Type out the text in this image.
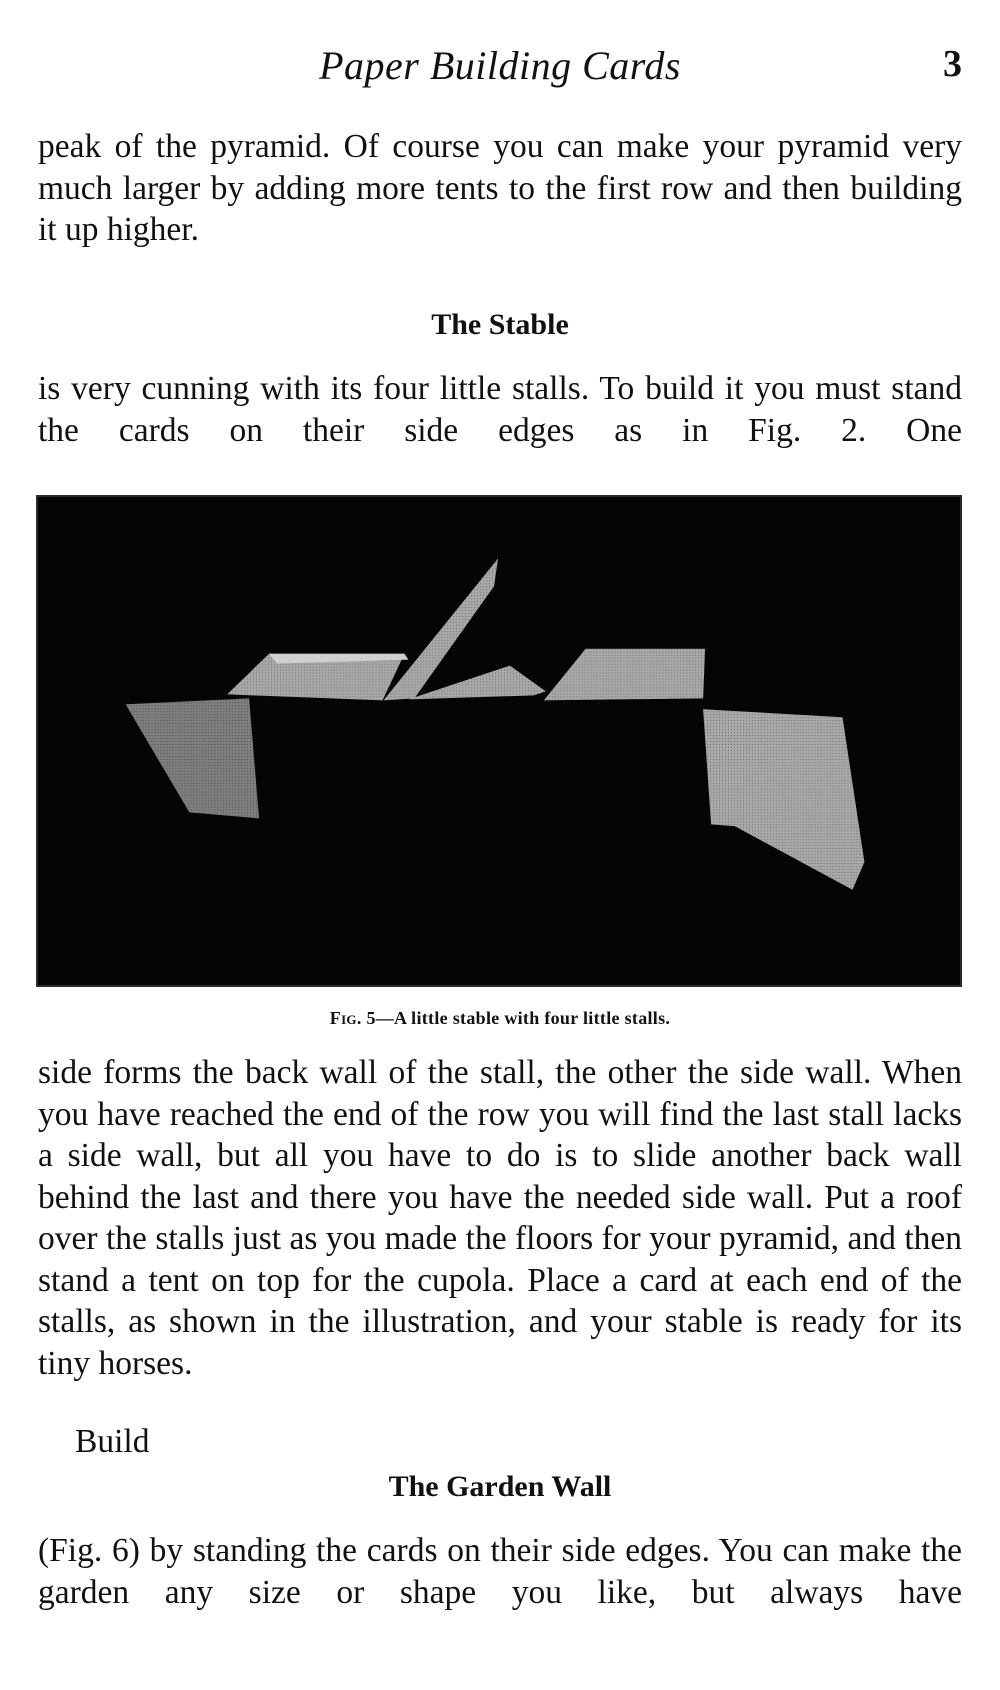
Paper Building Cards	3

peak of the pyramid. Of course you can make your pyramid very much larger by adding more tents to the first row and then building it up higher.

The Stable

is very cunning with its four little stalls. To build it you must stand the cards on their side edges as in Fig. 2. One

Fig. 5—A little stable with four little stalls.

side forms the back wall of the stall, the other the side wall. When you have reached the end of the row you will find the last stall lacks a side wall, but all you have to do is to slide another back wall behind the last and there you have the needed side wall. Put a roof over the stalls just as you made the floors for your pyramid, and then stand a tent on top for the cupola. Place a card at each end of the stalls, as shown in the illustration, and your stable is ready for its tiny horses.

Build
The Garden Wall

(Fig. 6) by standing the cards on their side edges. You can make the garden any size or shape you like, but always have
